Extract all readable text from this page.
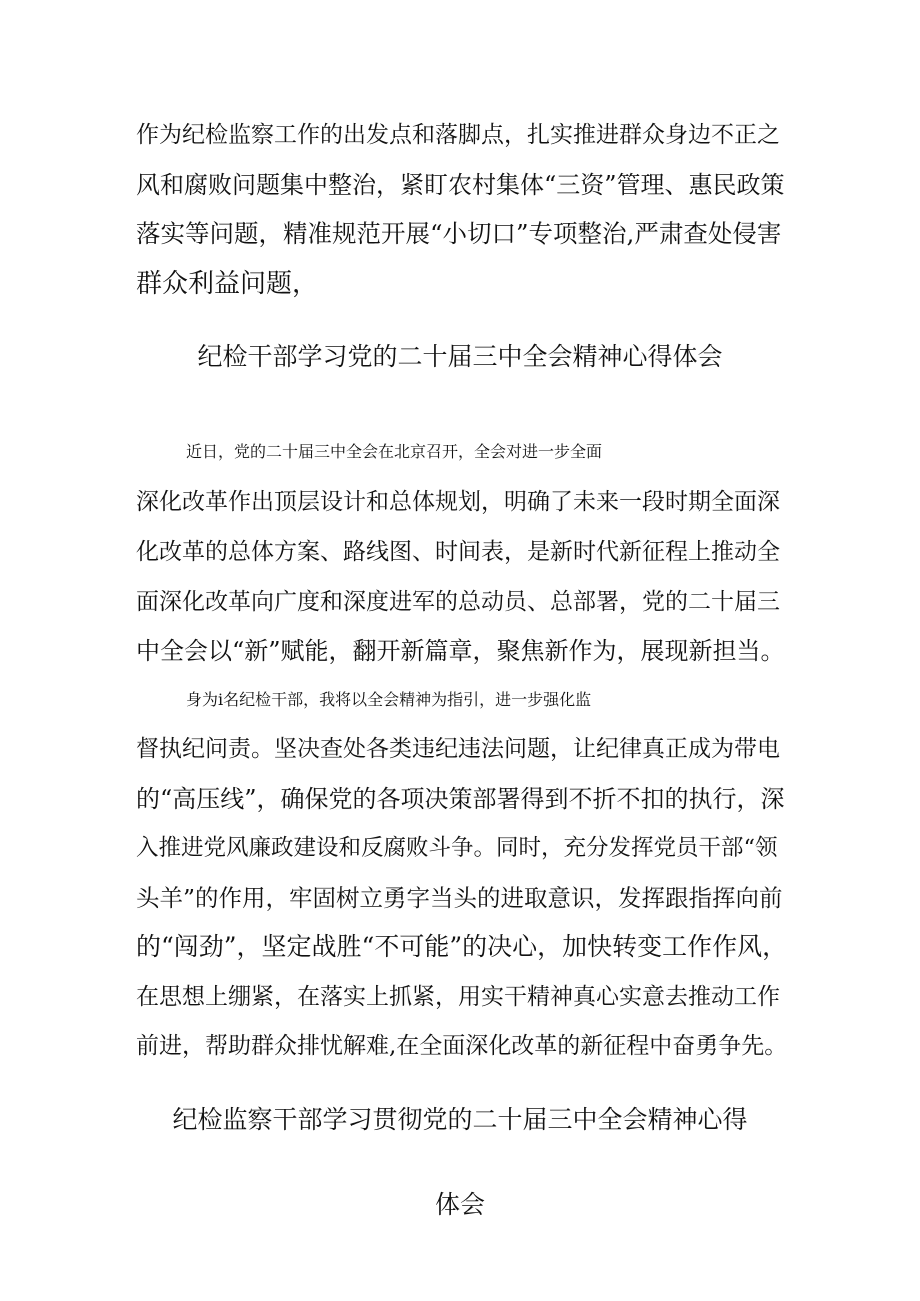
作为纪检监察工作的出发点和落脚点，扎实推进群众身边不正之
风和腐败问题集中整治，紧盯农村集体“三资”管理、惠民政策
落实等问题，精准规范开展“小切口”专项整治,严肃查处侵害
群众利益问题，
纪检干部学习党的二十届三中全会精神心得体会
近日，党的二十届三中全会在北京召开，全会对进一步全面
深化改革作出顶层设计和总体规划，明确了未来一段时期全面深
化改革的总体方案、路线图、时间表，是新时代新征程上推动全
面深化改革向广度和深度进军的总动员、总部署，党的二十届三
中全会以“新”赋能，翻开新篇章，聚焦新作为，展现新担当。
身为i名纪检干部，我将以全会精神为指引，进一步强化监
督执纪问责。坚决查处各类违纪违法问题，让纪律真正成为带电
的“高压线”，确保党的各项决策部署得到不折不扣的执行，深
入推进党风廉政建设和反腐败斗争。同时，充分发挥党员干部“领
头羊”的作用，牢固树立勇字当头的进取意识，发挥跟指挥向前
的“闯劲”，坚定战胜“不可能”的决心，加快转变工作作风，
在思想上绷紧，在落实上抓紧，用实干精神真心实意去推动工作
前进，帮助群众排忧解难,在全面深化改革的新征程中奋勇争先。
纪检监察干部学习贯彻党的二十届三中全会精神心得
体会
